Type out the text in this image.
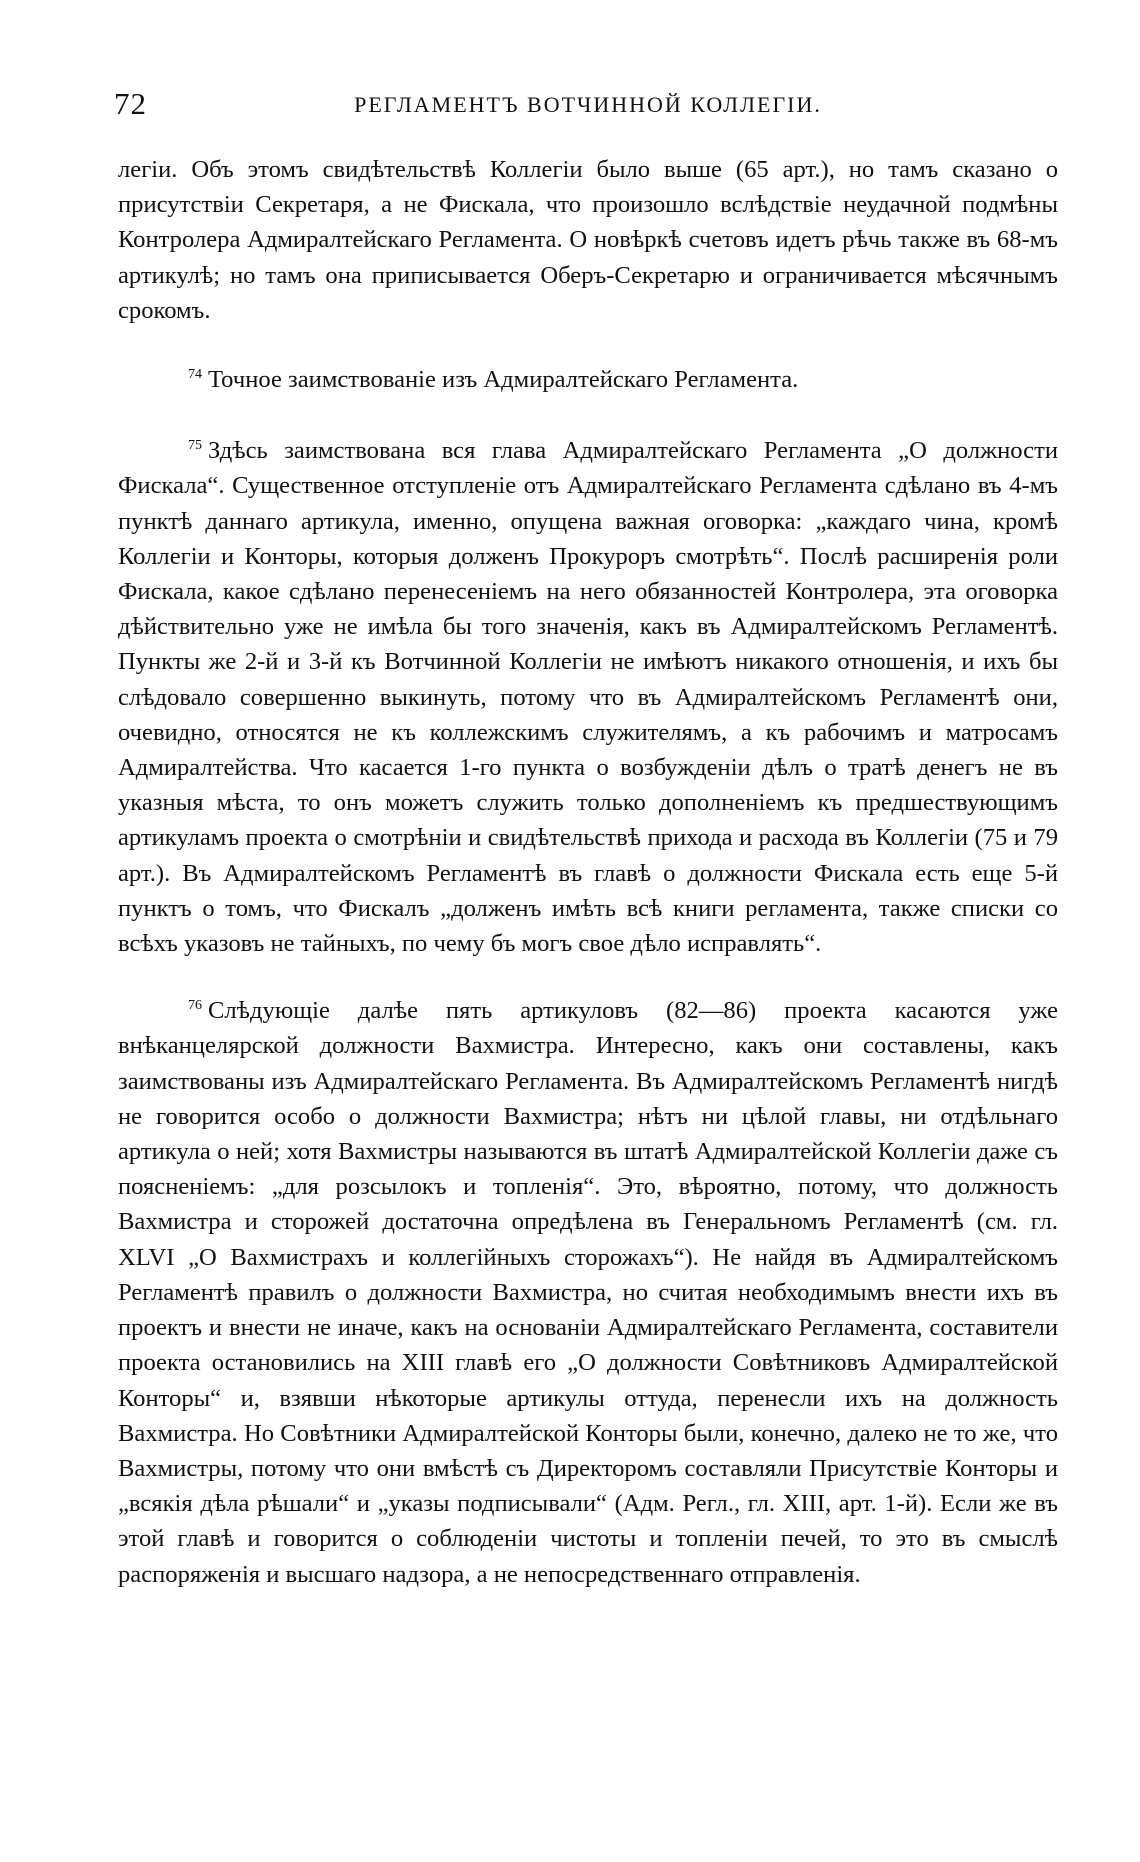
72	РЕГЛАМЕНТЪ ВОТЧИННОЙ КОЛЛЕГІИ.

легіи. Объ этомъ свидѣтельствѣ Коллегіи было выше (65 арт.), но тамъ сказано о присутствіи Секретаря, а не Фискала, что произошло вслѣдствіе неудачной подмѣны Контролера Адмиралтейскаго Регламента. О новѣркѣ счетовъ идетъ рѣчь также въ 68-мъ артикулѣ; но тамъ она приписывается Оберъ-Секретарю и ограничивается мѣсячнымъ срокомъ.

$^{74}$ Точное заимствованіе изъ Адмиралтейскаго Регламента.

$^{75}$ Здѣсь заимствована вся глава Адмиралтейскаго Регламента „О должности Фискала“. Существенное отступленіе отъ Адмиралтейскаго Регламента сдѣлано въ 4-мъ пунктѣ даннаго артикула, именно, опущена важная оговорка: „каждаго чина, кромѣ Коллегіи и Конторы, которыя долженъ Прокуроръ смотрѣть“. Послѣ расширенія роли Фискала, какое сдѣлано перенесеніемъ на него обязанностей Контролера, эта оговорка дѣйствительно уже не имѣла бы того значенія, какъ въ Адмиралтейскомъ Регламентѣ. Пункты же 2-й и 3-й къ Вотчинной Коллегіи не имѣютъ никакого отношенія, и ихъ бы слѣдовало совершенно выкинуть, потому что въ Адмиралтейскомъ Регламентѣ они, очевидно, относятся не къ коллежскимъ служителямъ, а къ рабочимъ и матросамъ Адмиралтейства. Что касается 1-го пункта о возбужденіи дѣлъ о тратѣ денегъ не въ указныя мѣста, то онъ можетъ служить только дополненіемъ къ предшествующимъ артикуламъ проекта о смотрѣніи и свидѣтельствѣ прихода и расхода въ Коллегіи (75 и 79 арт.). Въ Адмиралтейскомъ Регламентѣ въ главѣ о должности Фискала есть еще 5-й пунктъ о томъ, что Фискалъ „долженъ имѣть всѣ книги регламента, также списки со всѣхъ указовъ не тайныхъ, по чему бъ могъ свое дѣло исправлять“.

$^{76}$ Слѣдующіе далѣе пять артикуловъ (82—86) проекта касаются уже внѣканцелярской должности Вахмистра. Интересно, какъ они составлены, какъ заимствованы изъ Адмиралтейскаго Регламента. Въ Адмиралтейскомъ Регламентѣ нигдѣ не говорится особо о должности Вахмистра; нѣтъ ни цѣлой главы, ни отдѣльнаго артикула о ней; хотя Вахмистры называются въ штатѣ Адмиралтейской Коллегіи даже съ поясненіемъ: „для розсылокъ и топленія“. Это, вѣроятно, потому, что должность Вахмистра и сторожей достаточна опредѣлена въ Генеральномъ Регламентѣ (см. гл. XLVI „О Вахмистрахъ и коллегійныхъ сторожахъ“). Не найдя въ Адмиралтейскомъ Регламентѣ правилъ о должности Вахмистра, но считая необходимымъ внести ихъ въ проектъ и внести не иначе, какъ на основаніи Адмиралтейскаго Регламента, составители проекта остановились на XIII главѣ его „О должности Совѣтниковъ Адмиралтейской Конторы“ и, взявши нѣкоторые артикулы оттуда, перенесли ихъ на должность Вахмистра. Но Совѣтники Адмиралтейской Конторы были, конечно, далеко не то же, что Вахмистры, потому что они вмѣстѣ съ Директоромъ составляли Присутствіе Конторы и „всякія дѣла рѣшали“ и „указы подписывали“ (Адм. Регл., гл. XIII, арт. 1-й). Если же въ этой главѣ и говорится о соблюденіи чистоты и топленіи печей, то это въ смыслѣ распоряженія и высшаго надзора, а не непосредственнаго отправленія.
